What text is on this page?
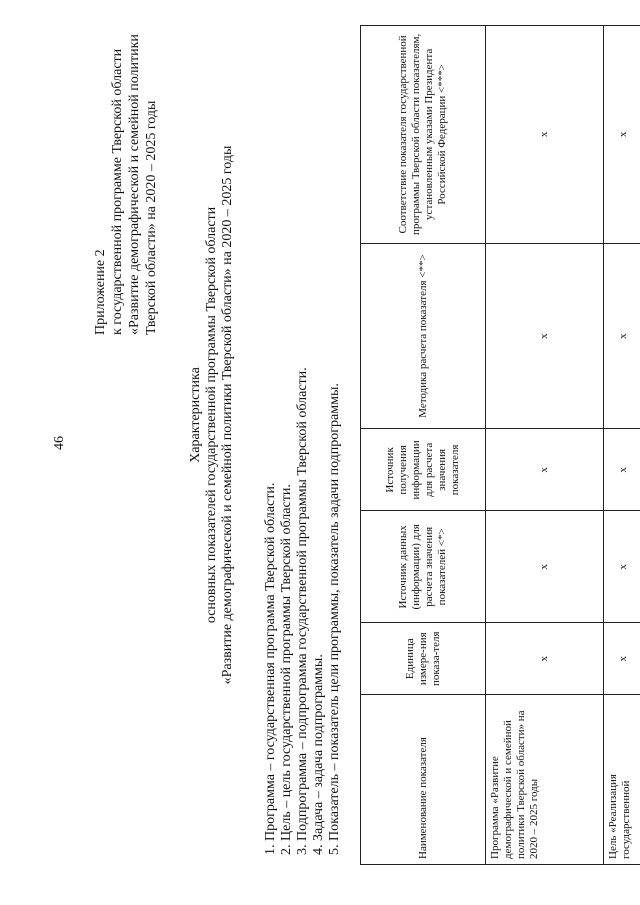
46
Приложение 2 к государственной программе Тверской области «Развитие демографической и семейной политики Тверской области» на 2020 – 2025 годы
Характеристика основных показателей государственной программы Тверской области «Развитие демографической и семейной политики Тверской области» на 2020 – 2025 годы 1. Программа – государственная программа Тверской области. 2. Цель – цель государственной программы Тверской области. 3. Подпрограмма – подпрограмма государственной программы Тверской области. 4. Задача – задача подпрограммы. 5. Показатель – показатель цели программы, показатель задачи подпрограммы.	Наименование показателя	Единица измере-ния показа-теля	Источник данных (информации) для расчета значения показателей <*>	Источник получения информации для расчета значения показателя	Методика расчета показателя <**>	Соответствие показателя государственной программы Тверской области показателям, установленным указами Президента Российской Федерации <***>
Программа «Развитие демографической и семейной политики Тверской области» на 2020 – 2025 годы	х	х	х	х	х
Цель «Реализация государственной	х	х	х	х	х
